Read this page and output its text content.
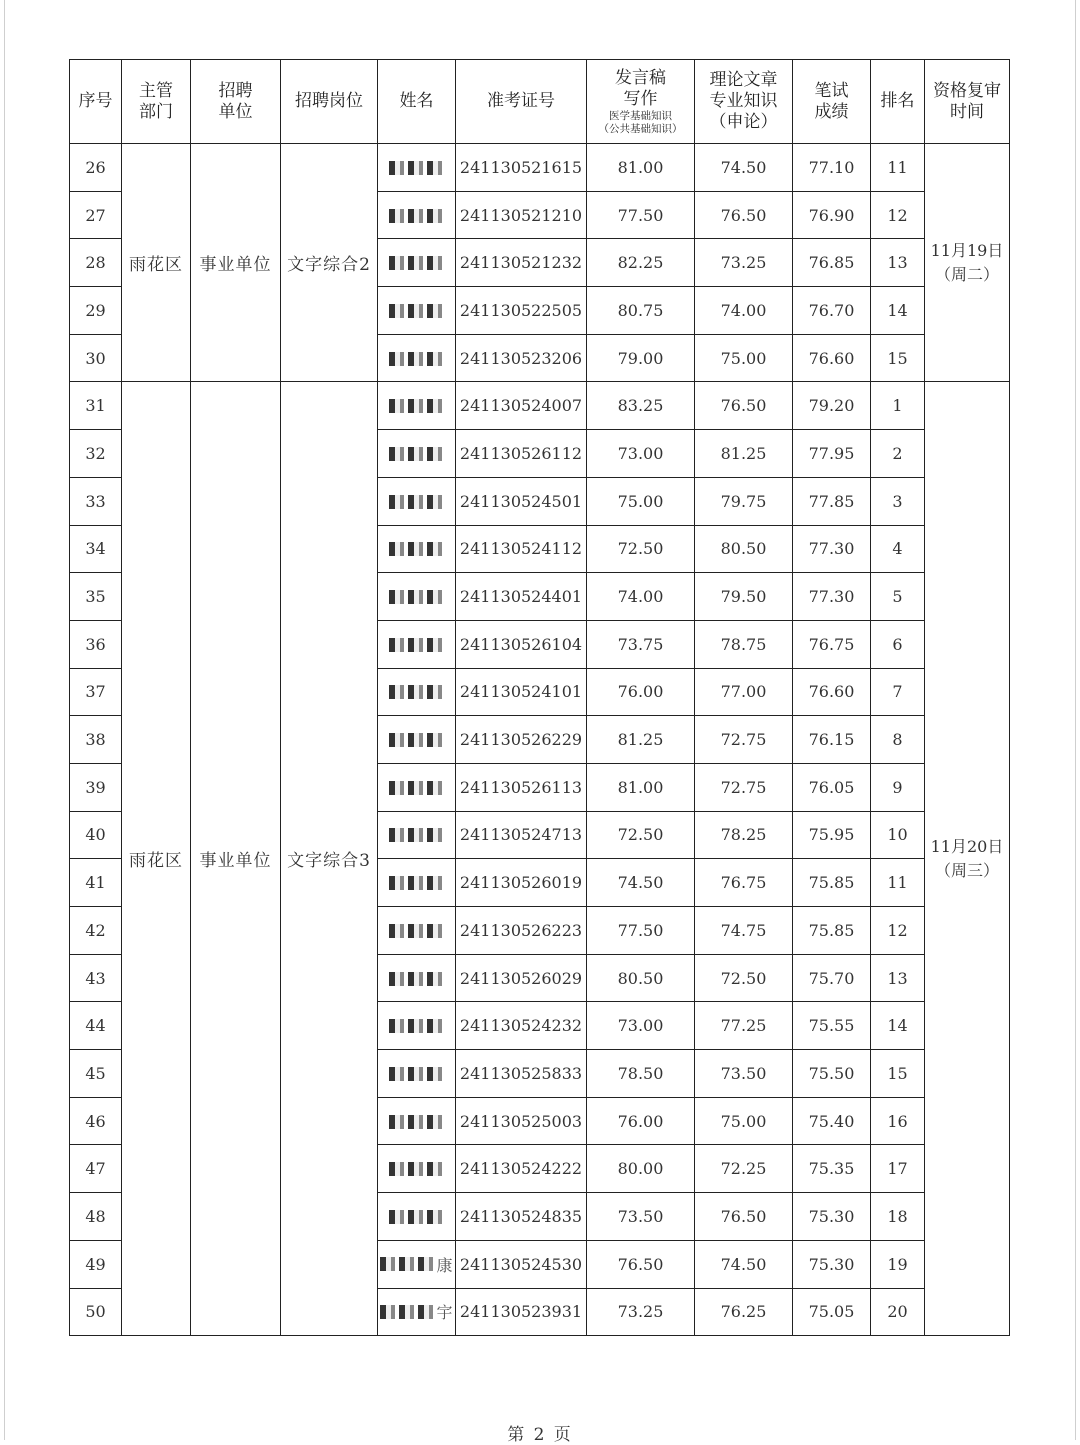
序号	主管部门	招聘单位	招聘岗位	姓名	准考证号	发言稿写作
医学基础知识
（公共基础知识）	理论文章专业知识（申论）	笔试成绩	排名	资格复审时间
26	雨花区	事业单位	文字综合2		241130521615	81.00	74.50	77.10	11	11月19日
（周二）

27					241130521210	77.50	76.50	76.90	12	
28					241130521232	82.25	73.25	76.85	13	
29					241130522505	80.75	74.00	76.70	14	
30					241130523206	79.00	75.00	76.60	15	
31	雨花区	事业单位	文字综合3		241130524007	83.25	76.50	79.20	1	11月20日
（周三）

32					241130526112	73.00	81.25	77.95	2	
33					241130524501	75.00	79.75	77.85	3	
34					241130524112	72.50	80.50	77.30	4	
35					241130524401	74.00	79.50	77.30	5	
36					241130526104	73.75	78.75	76.75	6	
37					241130524101	76.00	77.00	76.60	7	
38					241130526229	81.25	72.75	76.15	8	
39					241130526113	81.00	72.75	76.05	9	
40					241130524713	72.50	78.25	75.95	10	
41					241130526019	74.50	76.75	75.85	11	
42					241130526223	77.50	74.75	75.85	12	
43					241130526029	80.50	72.50	75.70	13	
44					241130524232	73.00	77.25	75.55	14	
45					241130525833	78.50	73.50	75.50	15	
46					241130525003	76.00	75.00	75.40	16	
47					241130524222	80.00	72.25	75.35	17	
48					241130524835	73.50	76.50	75.30	18	
49				康	241130524530	76.50	74.50	75.30	19	
50				宇	241130523931	73.25	76.25	75.05	20	
第 2 页
